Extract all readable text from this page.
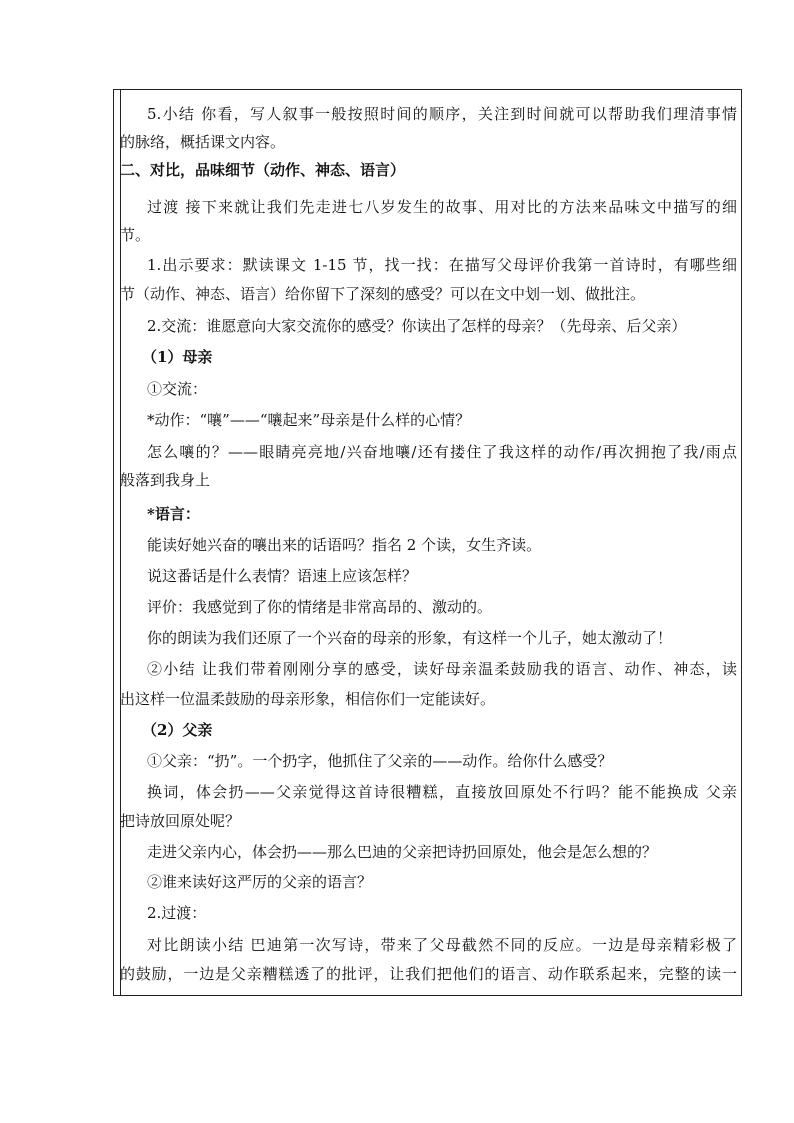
5.小结 你看，写人叙事一般按照时间的顺序，关注到时间就可以帮助我们理清事情
的脉络，概括课文内容。
二、对比，品味细节（动作、神态、语言）
过渡 接下来就让我们先走进七八岁发生的故事、用对比的方法来品味文中描写的细
节。
1.出示要求：默读课文 1-15 节，找一找：在描写父母评价我第一首诗时，有哪些细
节（动作、神态、语言）给你留下了深刻的感受？可以在文中划一划、做批注。
2.交流：谁愿意向大家交流你的感受？你读出了怎样的母亲？（先母亲、后父亲）
（1）母亲
①交流：
*动作：“嚷”——“嚷起来”母亲是什么样的心情？
怎么嚷的？——眼睛亮亮地/兴奋地嚷/还有搂住了我这样的动作/再次拥抱了我/雨点
般落到我身上
*语言：
能读好她兴奋的嚷出来的话语吗？指名 2 个读，女生齐读。
说这番话是什么表情？语速上应该怎样？
评价：我感觉到了你的情绪是非常高昂的、激动的。
你的朗读为我们还原了一个兴奋的母亲的形象，有这样一个儿子，她太激动了！
②小结 让我们带着刚刚分享的感受，读好母亲温柔鼓励我的语言、动作、神态，读
出这样一位温柔鼓励的母亲形象，相信你们一定能读好。
（2）父亲
①父亲：“扔”。一个扔字，他抓住了父亲的——动作。给你什么感受？
换词，体会扔——父亲觉得这首诗很糟糕，直接放回原处不行吗？能不能换成 父亲
把诗放回原处呢？
走进父亲内心，体会扔——那么巴迪的父亲把诗扔回原处，他会是怎么想的？
②谁来读好这严厉的父亲的语言？
2.过渡：
对比朗读小结 巴迪第一次写诗，带来了父母截然不同的反应。一边是母亲精彩极了
的鼓励，一边是父亲糟糕透了的批评，让我们把他们的语言、动作联系起来，完整的读一
